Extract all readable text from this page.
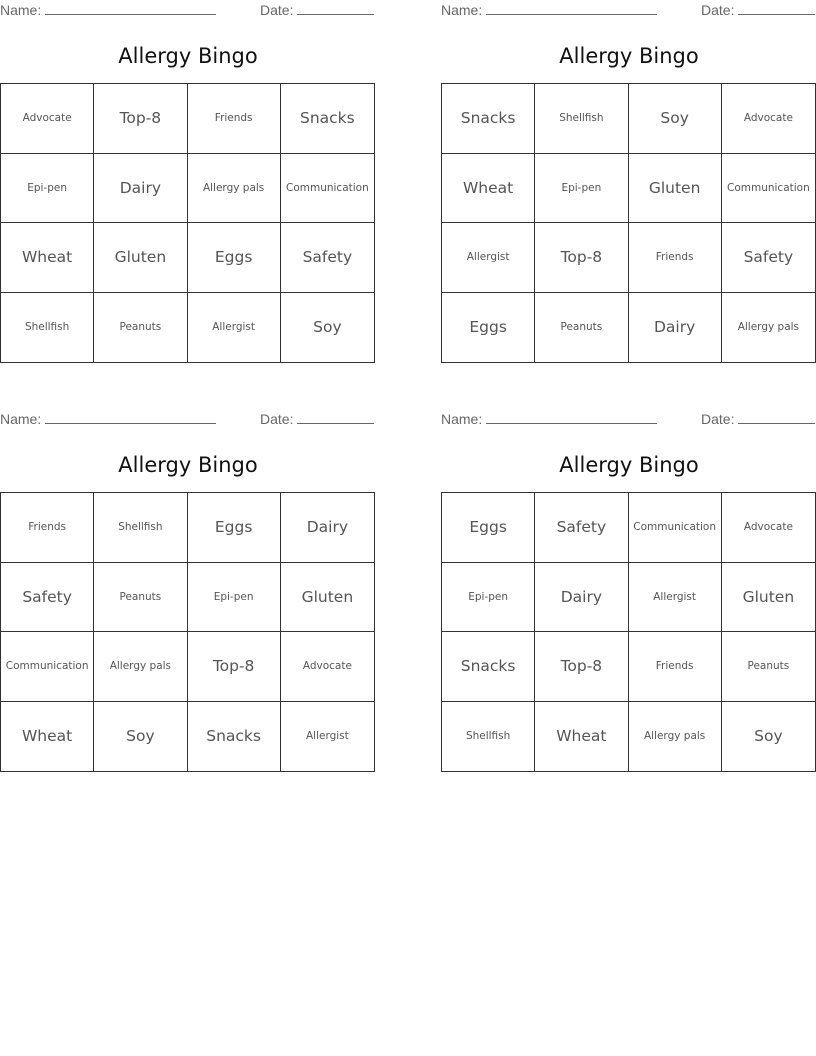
Name:	Date:
Allergy Bingo
Advocate	Top-8	Friends	Snacks
Epi-pen	Dairy	Allergy pals	Communication
Wheat	Gluten	Eggs	Safety
Shellfish	Peanuts	Allergist	Soy
Name:	Date:
Allergy Bingo
Snacks	Shellfish	Soy	Advocate
Wheat	Epi-pen	Gluten	Communication
Allergist	Top-8	Friends	Safety
Eggs	Peanuts	Dairy	Allergy pals
Name:	Date:
Allergy Bingo
Friends	Shellfish	Eggs	Dairy
Safety	Peanuts	Epi-pen	Gluten
Communication	Allergy pals	Top-8	Advocate
Wheat	Soy	Snacks	Allergist
Name:	Date:
Allergy Bingo
Eggs	Safety	Communication	Advocate
Epi-pen	Dairy	Allergist	Gluten
Snacks	Top-8	Friends	Peanuts
Shellfish	Wheat	Allergy pals	Soy
